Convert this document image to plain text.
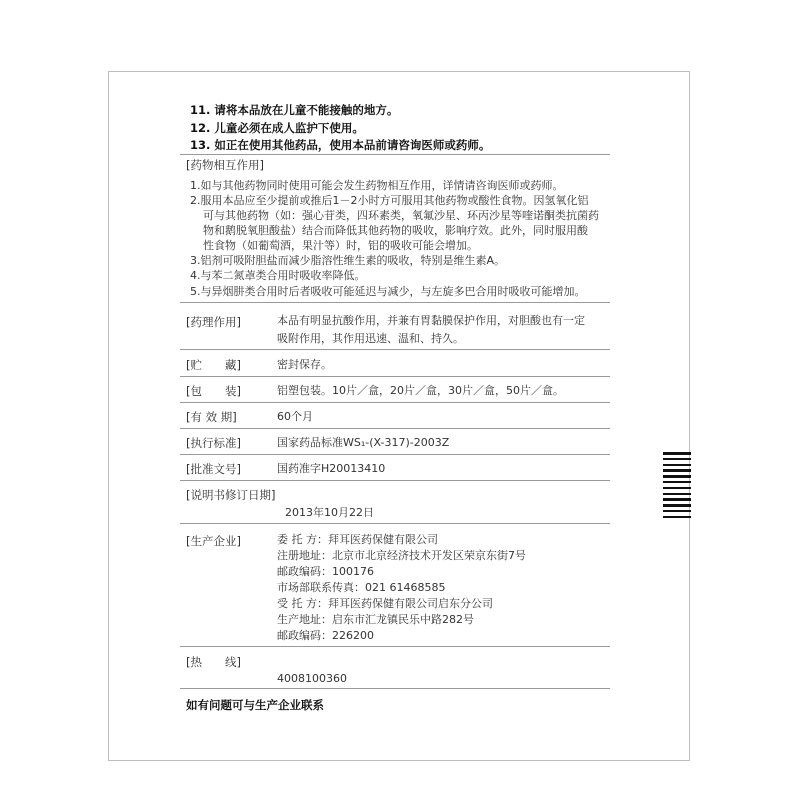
11. 请将本品放在儿童不能接触的地方。
12. 儿童必须在成人监护下使用。
13. 如正在使用其他药品，使用本品前请咨询医师或药师。
[药物相互作用]
1.如与其他药物同时使用可能会发生药物相互作用，详情请咨询医师或药师。
2.服用本品应至少提前或推后1－2小时方可服用其他药物或酸性食物。因氢氧化铝
可与其他药物（如：强心苷类，四环素类，氧氟沙星、环丙沙星等喹诺酮类抗菌药
物和鹅脱氧胆酸盐）结合而降低其他药物的吸收，影响疗效。此外，同时服用酸
性食物（如葡萄酒，果汁等）时，铝的吸收可能会增加。
3.铝剂可吸附胆盐而减少脂溶性维生素的吸收，特别是维生素A。
4.与苯二氮䓬类合用时吸收率降低。
5.与异烟肼类合用时后者吸收可能延迟与减少，与左旋多巴合用时吸收可能增加。
[药理作用]	本品有明显抗酸作用，并兼有胃黏膜保护作用，对胆酸也有一定
吸附作用，其作用迅速、温和、持久。
[贮　　藏]	密封保存。
[包　　装]	铝塑包装。10片／盒，20片／盒，30片／盒，50片／盒。
[有 效 期]	60个月
[执行标准]	国家药品标准WS₁-(X-317)-2003Z
[批准文号]	国药准字H20013410
[说明书修订日期]
2013年10月22日
[生产企业]	委 托 方：拜耳医药保健有限公司
注册地址：北京市北京经济技术开发区荣京东街7号
邮政编码：100176
市场部联系传真：021 61468585
受 托 方：拜耳医药保健有限公司启东分公司
生产地址：启东市汇龙镇民乐中路282号
邮政编码：226200
[热　　线]
4008100360
如有问题可与生产企业联系
